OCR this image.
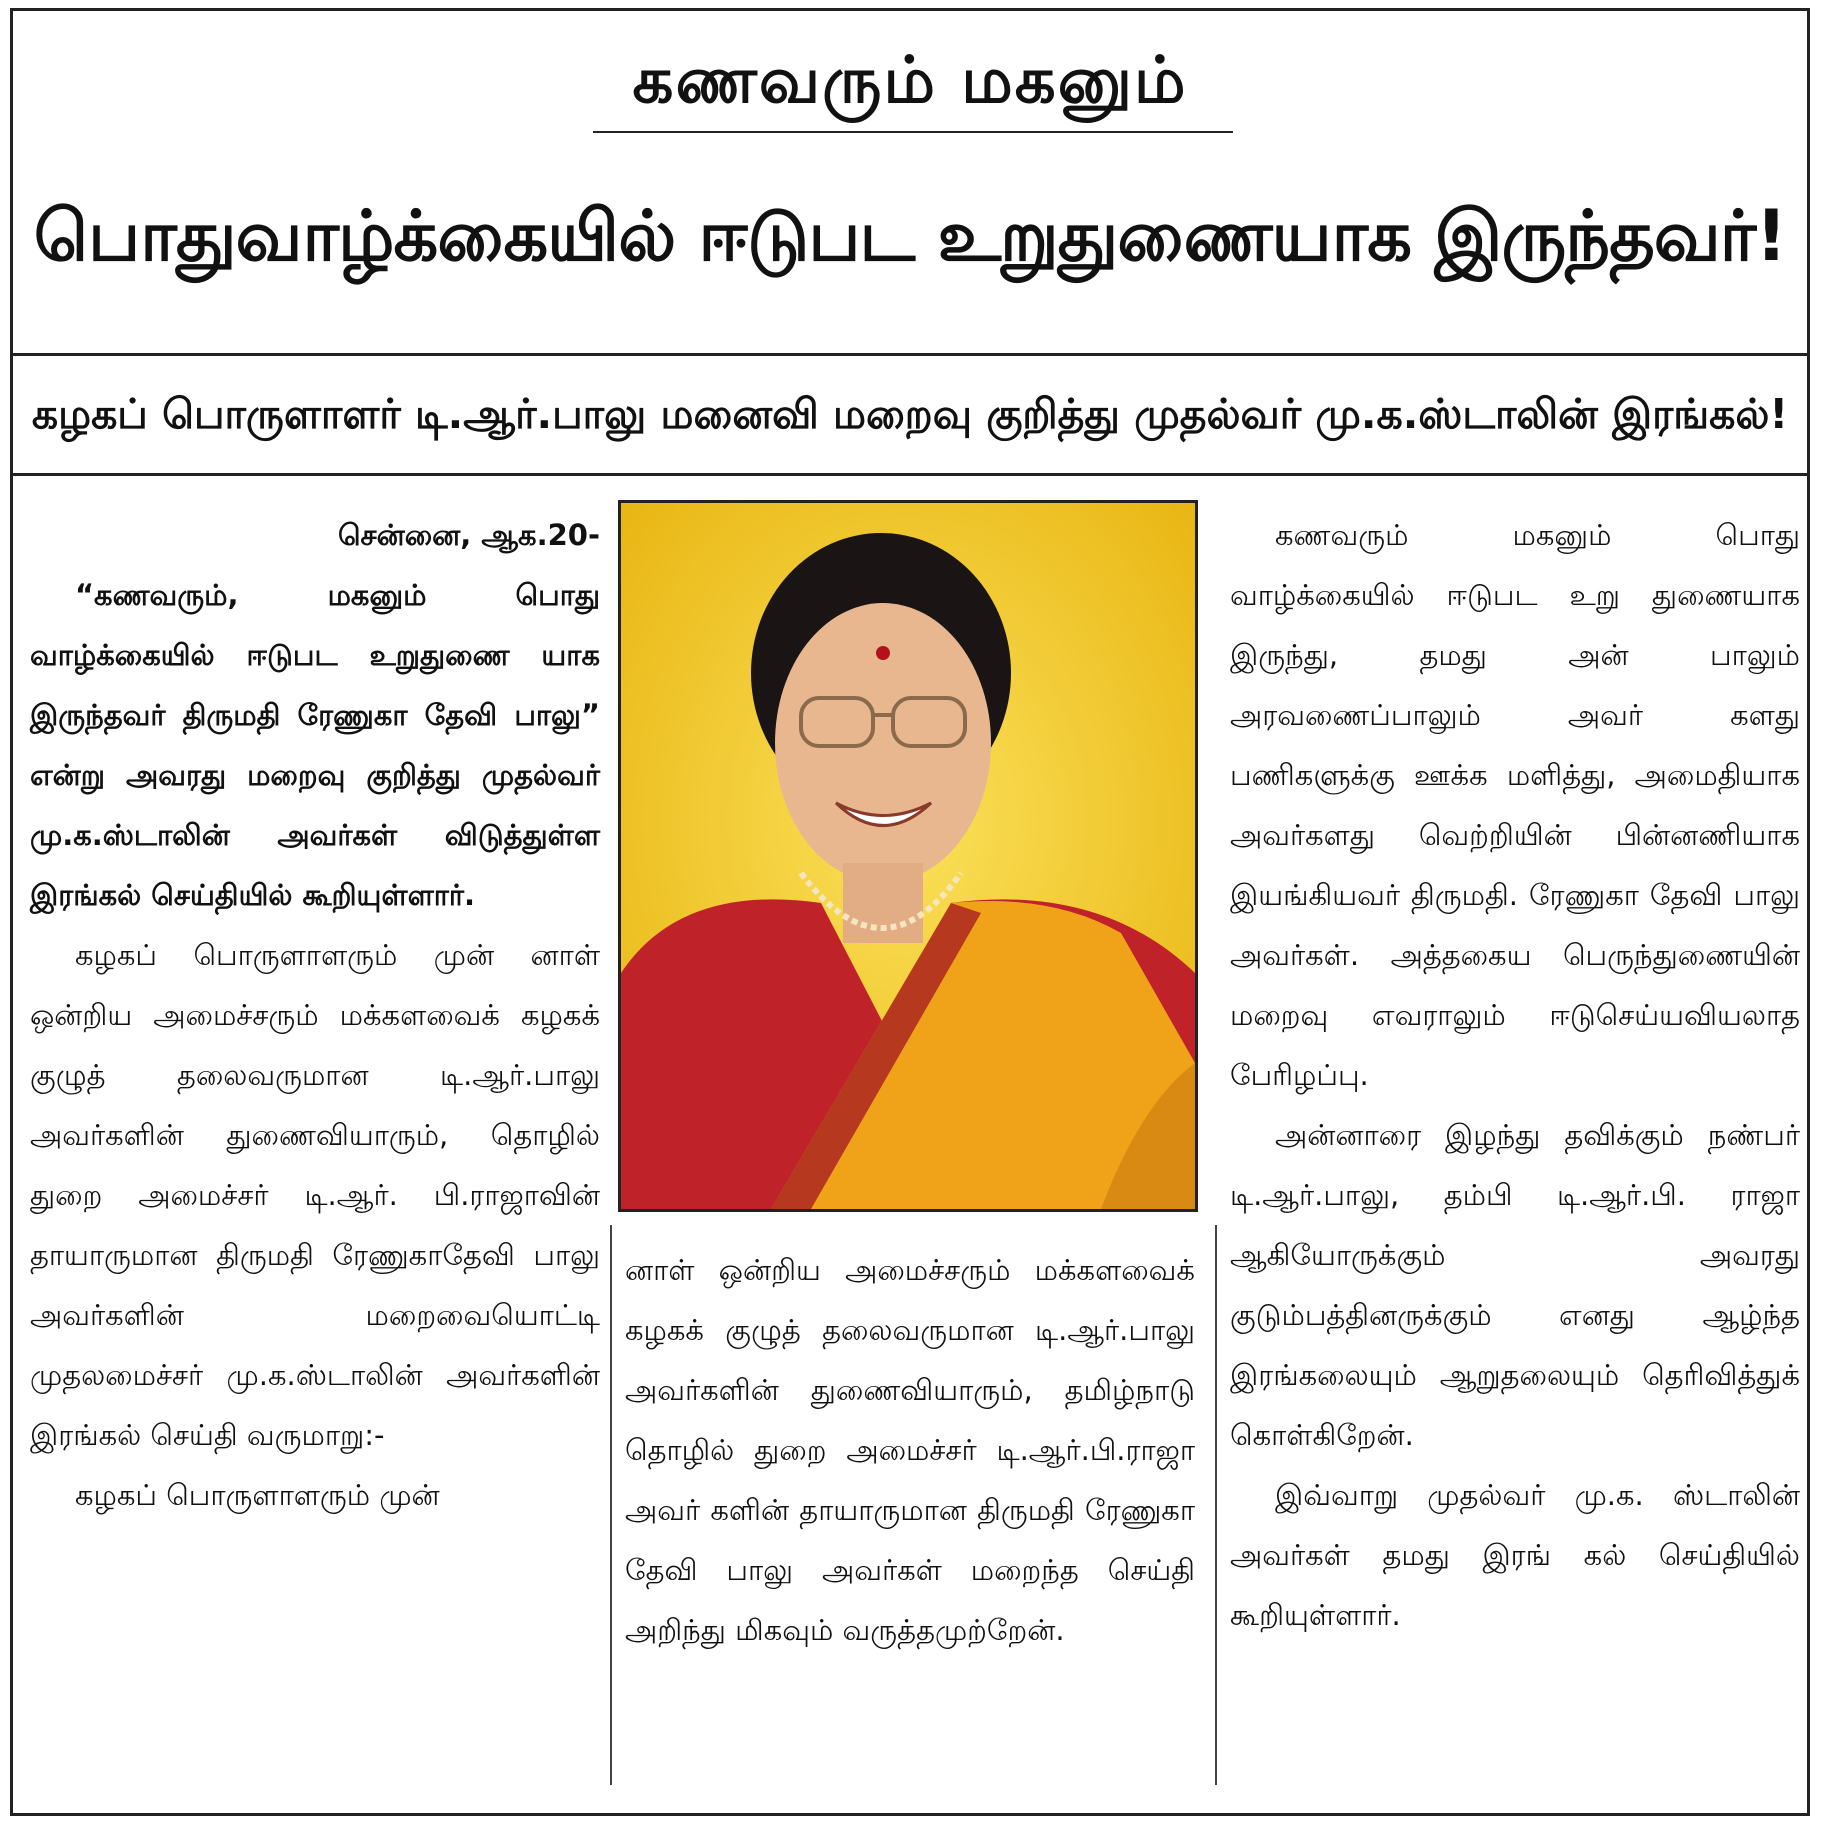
கணவரும் மகனும்
பொதுவாழ்க்கையில் ஈடுபட உறுதுணையாக இருந்தவர்!
கழகப் பொருளாளர் டி.ஆர்.பாலு மனைவி மறைவு குறித்து முதல்வர் மு.க.ஸ்டாலின் இரங்கல்!

சென்னை, ஆக.20-

“கணவரும், மகனும் பொது வாழ்க்கையில் ஈடுபட உறுதுணை யாக இருந்தவர் திருமதி ரேணுகா தேவி பாலு” என்று அவரது மறைவு குறித்து முதல்வர் மு.க.ஸ்டாலின் அவர்கள் விடுத்துள்ள இரங்கல் செய்தியில் கூறியுள்ளார்.

கழகப் பொருளாளரும் முன் னாள் ஒன்றிய அமைச்சரும் மக்களவைக் கழகக் குழுத் தலைவருமான டி.ஆர்.பாலு அவர்களின் துணைவியாரும், தொழில் துறை அமைச்சர் டி.ஆர். பி.ராஜாவின் தாயாருமான திருமதி ரேணுகாதேவி பாலு அவர்களின் மறைவையொட்டி முதலமைச்சர் மு.க.ஸ்டாலின் அவர்களின் இரங்கல் செய்தி வருமாறு:-

கழகப் பொருளாளரும் முன்

னாள் ஒன்றிய அமைச்சரும் மக்களவைக் கழகக் குழுத் தலைவருமான டி.ஆர்.பாலு அவர்களின் துணைவியாரும், தமிழ்நாடு தொழில் துறை அமைச்சர் டி.ஆர்.பி.ராஜா அவர் களின் தாயாருமான திருமதி ரேணுகா தேவி பாலு அவர்கள் மறைந்த செய்தி அறிந்து மிகவும் வருத்தமுற்றேன்.

கணவரும் மகனும் பொது வாழ்க்கையில் ஈடுபட உறு துணையாக இருந்து, தமது அன் பாலும் அரவணைப்பாலும் அவர் களது பணிகளுக்கு ஊக்க மளித்து, அமைதியாக அவர்களது வெற்றியின் பின்னணியாக இயங்கியவர் திருமதி. ரேணுகா தேவி பாலு அவர்கள். அத்தகைய பெருந்துணையின் மறைவு எவராலும் ஈடுசெய்யவியலாத பேரிழப்பு.

அன்னாரை இழந்து தவிக்கும் நண்பர் டி.ஆர்.பாலு, தம்பி டி.ஆர்.பி. ராஜா ஆகியோருக்கும் அவரது குடும்பத்தினருக்கும் எனது ஆழ்ந்த இரங்கலையும் ஆறுதலையும் தெரிவித்துக் கொள்கிறேன்.

இவ்வாறு முதல்வர் மு.க. ஸ்டாலின் அவர்கள் தமது இரங் கல் செய்தியில் கூறியுள்ளார்.
